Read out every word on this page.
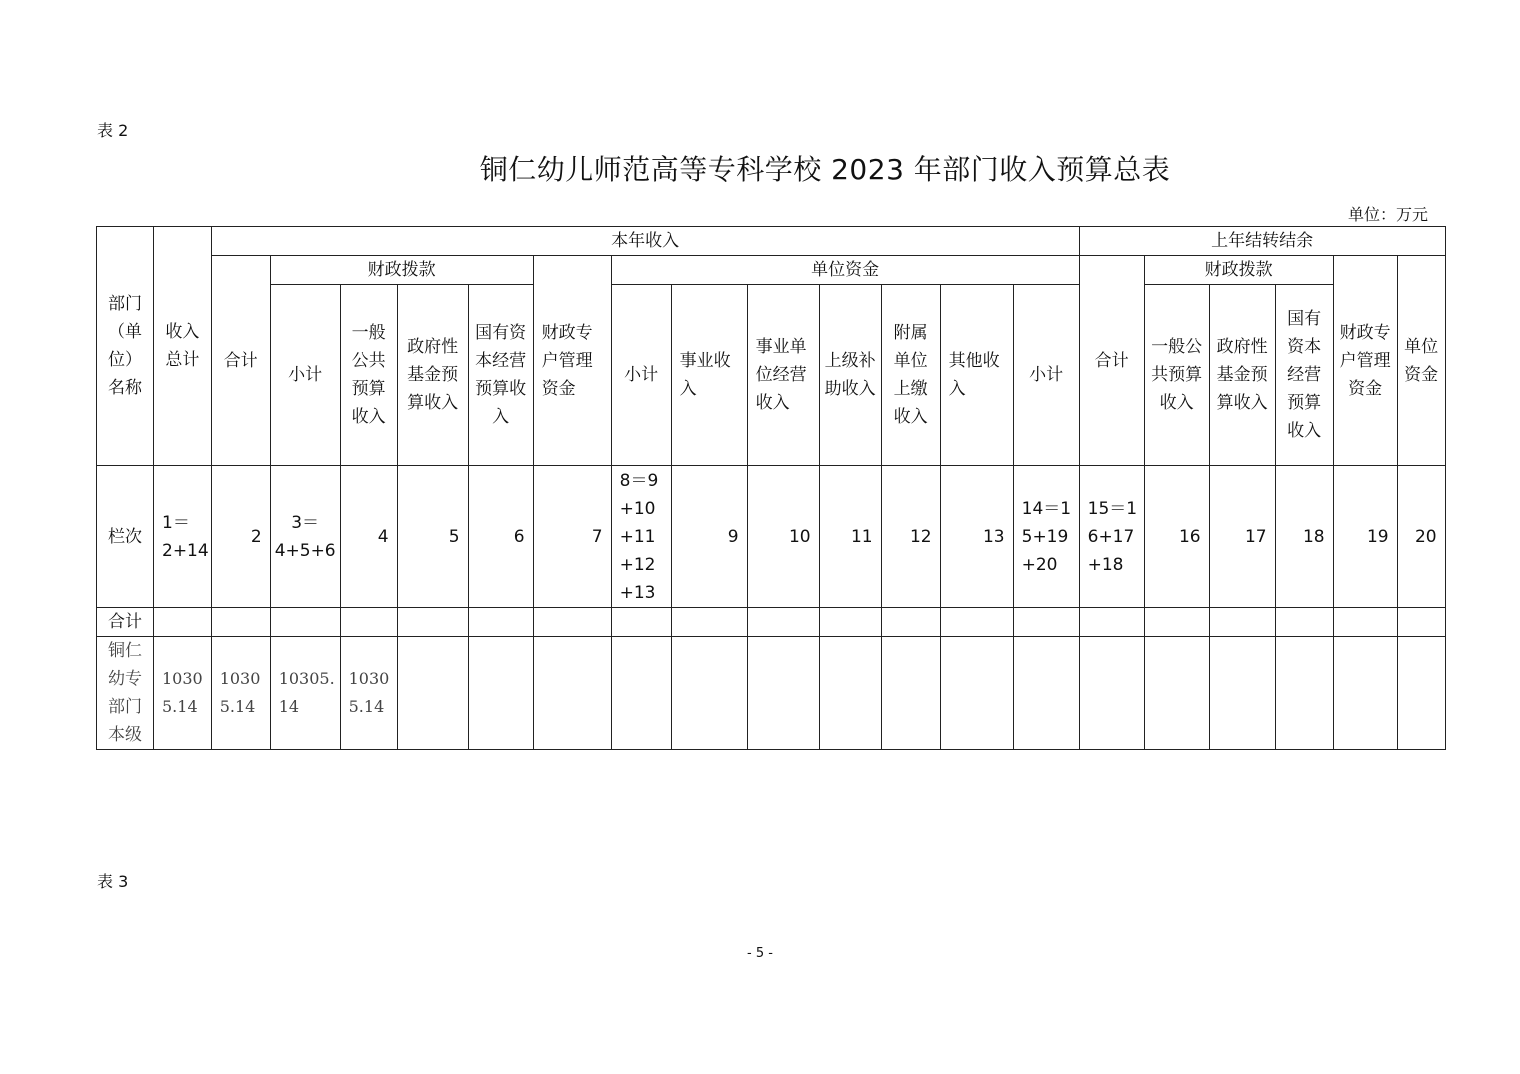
表 2
铜仁幼儿师范高等专科学校 2023 年部门收入预算总表
单位：万元
部门（单位）名称	收入总计	本年收入													上年结转结余					
		合计	财政拨款				财政专户管理资金	单位资金							合计	财政拨款			财政专户管理资金	单位资金
			小计	一般公共预算收入	政府性基金预算收入	国有资本经营预算收入		小计	事业收入	事业单位经营收入	上级补助收入	附属单位上缴收入	其他收入	小计		一般公共预算收入	政府性基金预算收入	国有资本经营预算收入		
栏次	1＝2+14	2	3＝4+5+6	4	5	6	7	8＝9+10+11+12+13	9	10	11	12	13	14＝15+19+20	15＝16+17+18	16	17	18	19	20
合计																				
铜仁幼专部门本级	10305.14	10305.14	10305.14	10305.14																
表 3
- 5 -
